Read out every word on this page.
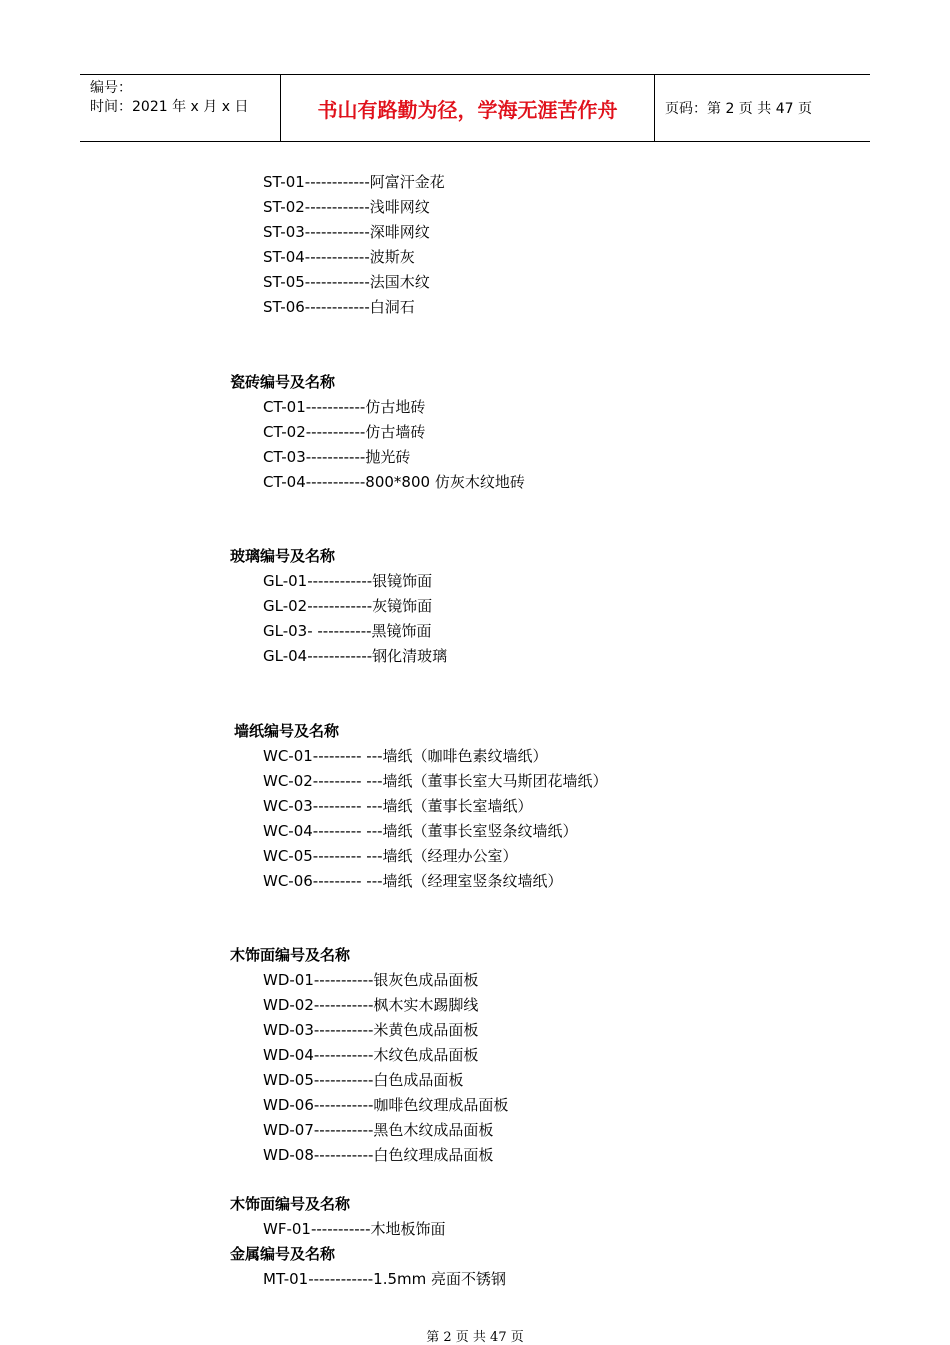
编号：
时间：2021 年 x 月 x 日	书山有路勤为径，学海无涯苦作舟	页码：第 2 页 共 47 页
ST-01------------阿富汗金花
ST-02------------浅啡网纹
ST-03------------深啡网纹
ST-04------------波斯灰
ST-05------------法国木纹
ST-06------------白洞石
瓷砖编号及名称
CT-01-----------仿古地砖
CT-02-----------仿古墙砖
CT-03-----------抛光砖
CT-04-----------800*800 仿灰木纹地砖
玻璃编号及名称
GL-01------------银镜饰面
GL-02------------灰镜饰面
GL-03- ----------黑镜饰面
GL-04------------钢化清玻璃
墙纸编号及名称
WC-01--------- ---墙纸（咖啡色素纹墙纸）
WC-02--------- ---墙纸（董事长室大马斯团花墙纸）
WC-03--------- ---墙纸（董事长室墙纸）
WC-04--------- ---墙纸（董事长室竖条纹墙纸）
WC-05--------- ---墙纸（经理办公室）
WC-06--------- ---墙纸（经理室竖条纹墙纸）
木饰面编号及名称
WD-01-----------银灰色成品面板
WD-02-----------枫木实木踢脚线
WD-03-----------米黄色成品面板
WD-04-----------木纹色成品面板
WD-05-----------白色成品面板
WD-06-----------咖啡色纹理成品面板
WD-07-----------黑色木纹成品面板
WD-08-----------白色纹理成品面板
木饰面编号及名称
WF-01-----------木地板饰面
金属编号及名称
MT-01------------1.5mm 亮面不锈钢
第 2 页 共 47 页
